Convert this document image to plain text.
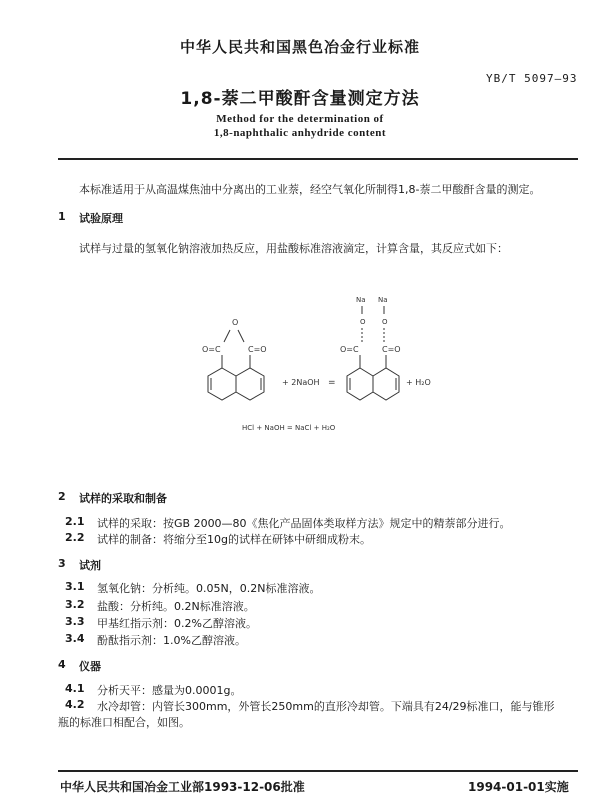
中华人民共和国黑色冶金行业标准
YB/T 5097—93
1,8-萘二甲酸酐含量测定方法
Method for the determination of
1,8-naphthalic anhydride content
本标准适用于从高温煤焦油中分离出的工业萘，经空气氧化所制得1,8-萘二甲酸酐含量的测定。
1 试验原理
试样与过量的氢氧化钠溶液加热反应，用盐酸标准溶液滴定，计算含量，其反应式如下：
O
O=C	C=O
+ 2NaOH =
Na Na
O O
O=C	C=O
+ H₂O
HCl + NaOH = NaCl + H₂O
2 试样的采取和制备
2.1 试样的采取：按GB 2000—80《焦化产品固体类取样方法》规定中的精萘部分进行。
2.2 试样的制备：将缩分至10g的试样在研钵中研细成粉末。
3 试剂
3.1 氢氧化钠：分析纯。0.05N，0.2N标准溶液。
3.2 盐酸：分析纯。0.2N标准溶液。
3.3 甲基红指示剂：0.2%乙醇溶液。
3.4 酚酞指示剂：1.0%乙醇溶液。
4 仪器
4.1 分析天平：感量为0.0001g。
4.2 水冷却管：内管长300mm，外管长250mm的直形冷却管。下端具有24/29标准口，能与锥形
瓶的标准口相配合，如图。
中华人民共和国冶金工业部1993-12-06批准	1994-01-01实施
